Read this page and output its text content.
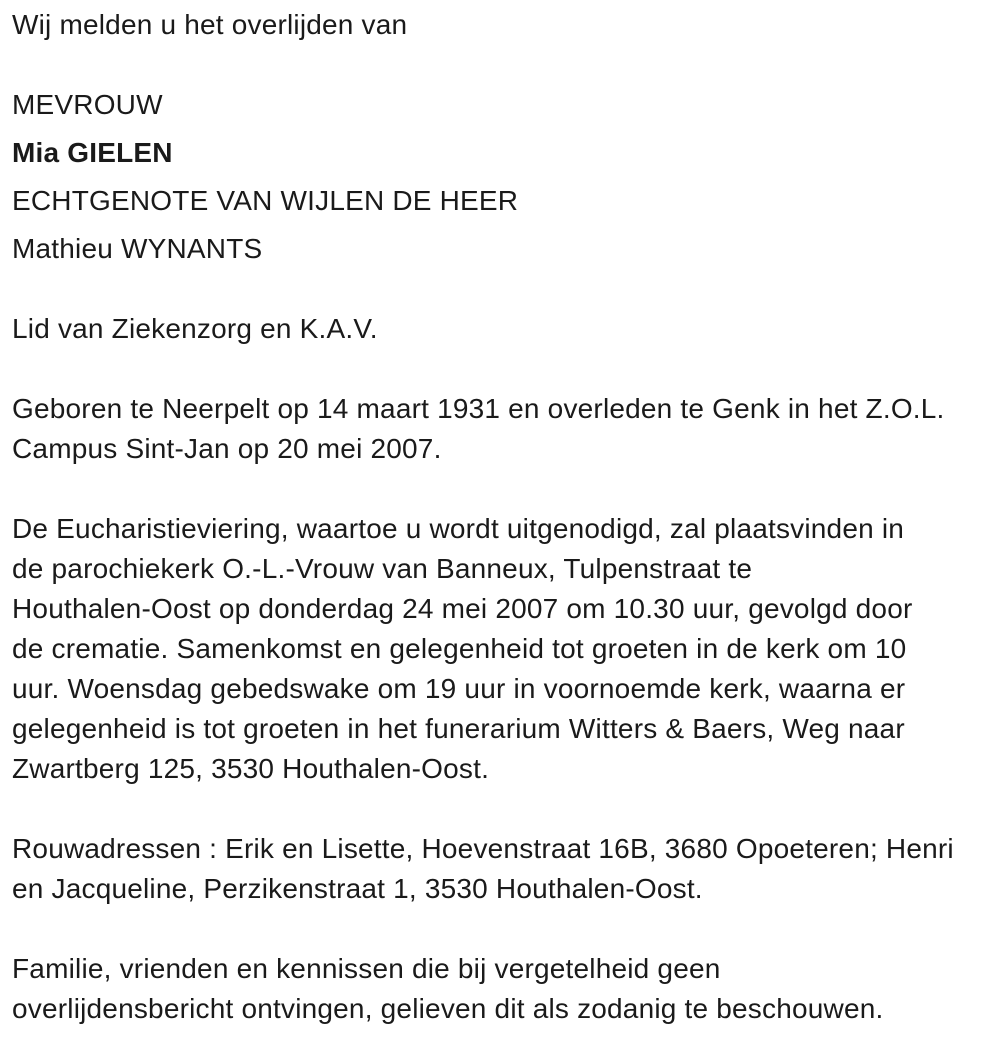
Wij melden u het overlijden van
MEVROUW
Mia GIELEN
ECHTGENOTE VAN WIJLEN DE HEER
Mathieu WYNANTS
Lid van Ziekenzorg en K.A.V.
Geboren te Neerpelt op 14 maart 1931 en overleden te Genk in het Z.O.L.
Campus Sint-Jan op 20 mei 2007.
De Eucharistieviering, waartoe u wordt uitgenodigd, zal plaatsvinden in
de parochiekerk O.-L.-Vrouw van Banneux, Tulpenstraat te
Houthalen-Oost op donderdag 24 mei 2007 om 10.30 uur, gevolgd door
de crematie. Samenkomst en gelegenheid tot groeten in de kerk om 10
uur. Woensdag gebedswake om 19 uur in voornoemde kerk, waarna er
gelegenheid is tot groeten in het funerarium Witters & Baers, Weg naar
Zwartberg 125, 3530 Houthalen-Oost.
Rouwadressen : Erik en Lisette, Hoevenstraat 16B, 3680 Opoeteren; Henri
en Jacqueline, Perzikenstraat 1, 3530 Houthalen-Oost.
Familie, vrienden en kennissen die bij vergetelheid geen
overlijdensbericht ontvingen, gelieven dit als zodanig te beschouwen.
